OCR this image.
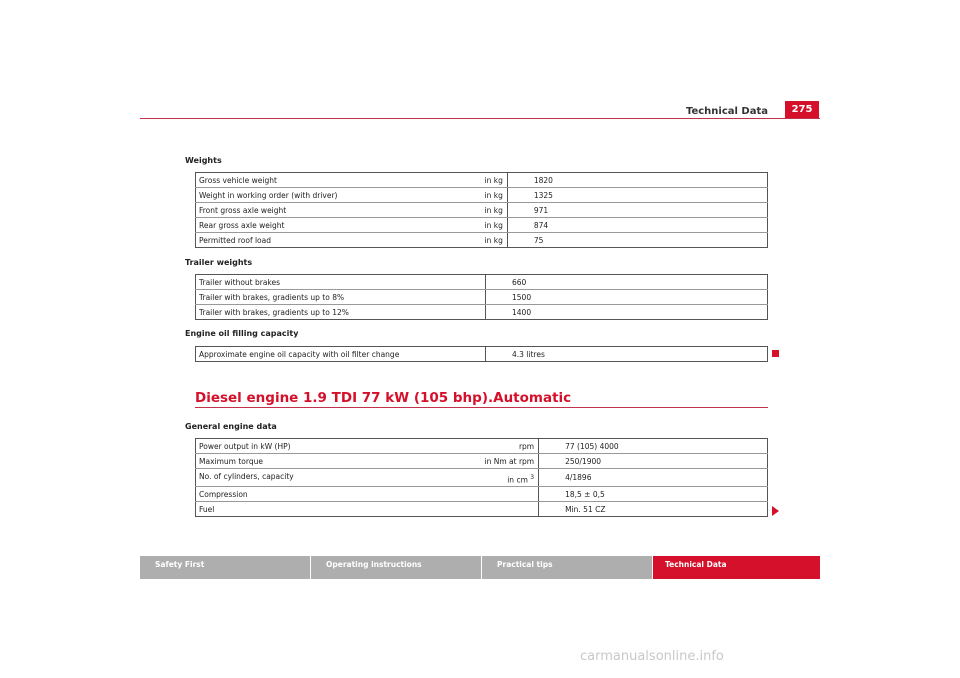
Technical Data	275
Weights
Gross vehicle weight	in kg	1820
Weight in working order (with driver)	in kg	1325
Front gross axle weight	in kg	971
Rear gross axle weight	in kg	874
Permitted roof load	in kg	75
Trailer weights
Trailer without brakes	660
Trailer with brakes, gradients up to 8%	1500
Trailer with brakes, gradients up to 12%	1400
Engine oil filling capacity
Approximate engine oil capacity with oil filter change	4.3 litres
Diesel engine 1.9 TDI 77 kW (105 bhp).Automatic
General engine data
Power output in kW (HP)	rpm	77 (105) 4000
Maximum torque	in Nm at rpm	250/1900
No. of cylinders, capacity	in cm $^3$	4/1896
Compression		18,5 ± 0,5
Fuel		Min. 51 CZ
Safety First	Operating instructions	Practical tips	Technical Data
carmanualsonline.info
